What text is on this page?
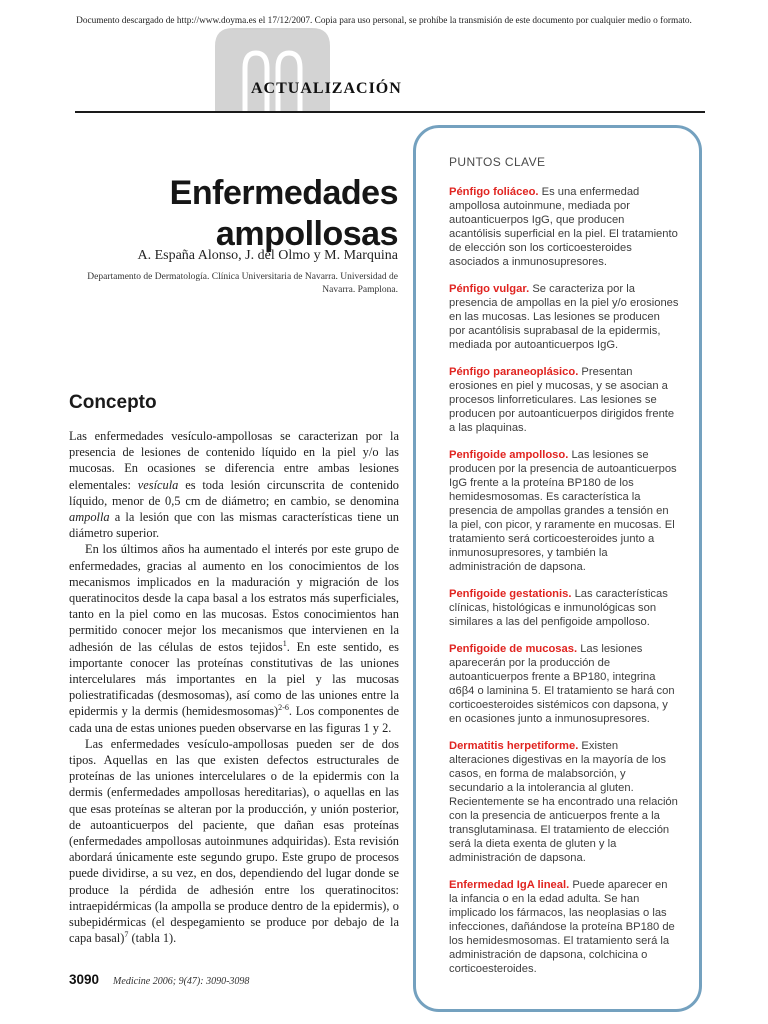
Documento descargado de http://www.doyma.es el 17/12/2007. Copia para uso personal, se prohíbe la transmisión de este documento por cualquier medio o formato.
ACTUALIZACIÓN
Enfermedades ampollosas
A. España Alonso, J. del Olmo y M. Marquina
Departamento de Dermatología. Clínica Universitaria de Navarra. Universidad de Navarra. Pamplona.
Concepto

Las enfermedades vesículo-ampollosas se caracterizan por la presencia de lesiones de contenido líquido en la piel y/o las mucosas. En ocasiones se diferencia entre ambas lesiones elementales: vesícula es toda lesión circunscrita de contenido líquido, menor de 0,5 cm de diámetro; en cambio, se denomina ampolla a la lesión que con las mismas características tiene un diámetro superior.

En los últimos años ha aumentado el interés por este grupo de enfermedades, gracias al aumento en los conocimientos de los mecanismos implicados en la maduración y migración de los queratinocitos desde la capa basal a los estratos más superficiales, tanto en la piel como en las mucosas. Estos conocimientos han permitido conocer mejor los mecanismos que intervienen en la adhesión de las células de estos tejidos$^1$. En este sentido, es importante conocer las proteínas constitutivas de las uniones intercelulares más importantes en la piel y las mucosas poliestratificadas (desmosomas), así como de las uniones entre la epidermis y la dermis (hemidesmosomas)$^{2-6}$. Los componentes de cada una de estas uniones pueden observarse en las figuras 1 y 2.

Las enfermedades vesículo-ampollosas pueden ser de dos tipos. Aquellas en las que existen defectos estructurales de proteínas de las uniones intercelulares o de la epidermis con la dermis (enfermedades ampollosas hereditarias), o aquellas en las que esas proteínas se alteran por la producción, y unión posterior, de autoanticuerpos del paciente, que dañan esas proteínas (enfermedades ampollosas autoinmunes adquiridas). Esta revisión abordará únicamente este segundo grupo. Este grupo de procesos puede dividirse, a su vez, en dos, dependiendo del lugar donde se produce la pérdida de adhesión entre los queratinocitos: intraepidérmicas (la ampolla se produce dentro de la epidermis), o subepidérmicas (el despegamiento se produce por debajo de la capa basal)$^7$ (tabla 1).

3090 Medicine 2006; 9(47): 3090-3098

PUNTOS CLAVE

Pénfigo foliáceo. Es una enfermedad ampollosa autoinmune, mediada por autoanticuerpos IgG, que producen acantólisis superficial en la piel. El tratamiento de elección son los corticoesteroides asociados a inmunosupresores.

Pénfigo vulgar. Se caracteriza por la presencia de ampollas en la piel y/o erosiones en las mucosas. Las lesiones se producen por acantólisis suprabasal de la epidermis, mediada por autoanticuerpos IgG.

Pénfigo paraneoplásico. Presentan erosiones en piel y mucosas, y se asocian a procesos linforreticulares. Las lesiones se producen por autoanticuerpos dirigidos frente a las plaquinas.

Penfigoide ampolloso. Las lesiones se producen por la presencia de autoanticuerpos IgG frente a la proteína BP180 de los hemidesmosomas. Es característica la presencia de ampollas grandes a tensión en la piel, con picor, y raramente en mucosas. El tratamiento será corticoesteroides junto a inmunosupresores, y también la administración de dapsona.

Penfigoide gestationis. Las características clínicas, histológicas e inmunológicas son similares a las del penfigoide ampolloso.

Penfigoide de mucosas. Las lesiones aparecerán por la producción de autoanticuerpos frente a BP180, integrina α6β4 o laminina 5. El tratamiento se hará con corticoesteroides sistémicos con dapsona, y en ocasiones junto a inmunosupresores.

Dermatitis herpetiforme. Existen alteraciones digestivas en la mayoría de los casos, en forma de malabsorción, y secundario a la intolerancia al gluten. Recientemente se ha encontrado una relación con la presencia de anticuerpos frente a la transglutaminasa. El tratamiento de elección será la dieta exenta de gluten y la administración de dapsona.

Enfermedad IgA lineal. Puede aparecer en la infancia o en la edad adulta. Se han implicado los fármacos, las neoplasias o las infecciones, dañándose la proteína BP180 de los hemidesmosomas. El tratamiento será la administración de dapsona, colchicina o corticoesteroides.
